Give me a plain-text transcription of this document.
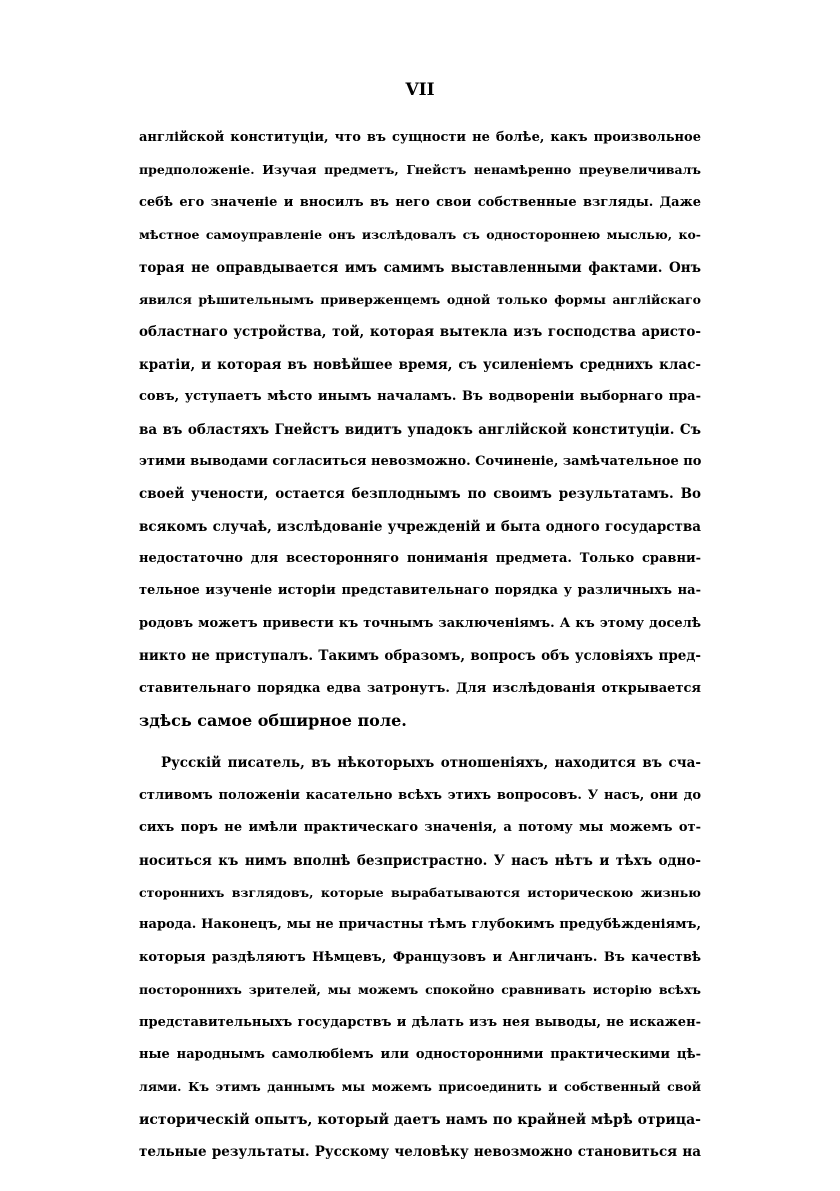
VII
англійской конституціи, что въ сущности не болѣе, какъ произвольное
предположеніе. Изучая предметъ, Гнейстъ ненамѣренно преувеличивалъ
себѣ его значеніе и вносилъ въ него свои собственные взгляды. Даже
мѣстное самоуправленіе онъ изслѣдовалъ съ одностороннею мыслью, ко-
торая не оправдывается имъ самимъ выставленными фактами. Онъ
явился рѣшительнымъ приверженцемъ одной только формы англійскаго
областнаго устройства, той, которая вытекла изъ господства аристо-
кратіи, и которая въ новѣйшее время, съ усиленіемъ среднихъ клас-
совъ, уступаетъ мѣсто инымъ началамъ. Въ водвореніи выборнаго пра-
ва въ областяхъ Гнейстъ видитъ упадокъ англійской конституціи. Съ
этими выводами согласиться невозможно. Сочиненіе, замѣчательное по
своей учености, остается безплоднымъ по своимъ результатамъ. Во
всякомъ случаѣ, изслѣдованіе учрежденій и быта одного государства
недостаточно для всесторонняго пониманія предмета. Только сравни-
тельное изученіе исторіи представительнаго порядка у различныхъ на-
родовъ можетъ привести къ точнымъ заключеніямъ. А къ этому доселѣ
никто не приступалъ. Такимъ образомъ, вопросъ объ условіяхъ пред-
ставительнаго порядка едва затронутъ. Для изслѣдованія открывается
здѣсь самое обширное поле.
Русскій писатель, въ нѣкоторыхъ отношеніяхъ, находится въ сча-
стливомъ положеніи касательно всѣхъ этихъ вопросовъ. У насъ, они до
сихъ поръ не имѣли практическаго значенія, а потому мы можемъ от-
носиться къ нимъ вполнѣ безпристрастно. У насъ нѣтъ и тѣхъ одно-
стороннихъ взглядовъ, которые вырабатываются историческою жизнью
народа. Наконецъ, мы не причастны тѣмъ глубокимъ предубѣжденіямъ,
которыя раздѣляютъ Нѣмцевъ, Французовъ и Англичанъ. Въ качествѣ
постороннихъ зрителей, мы можемъ спокойно сравнивать исторію всѣхъ
представительныхъ государствъ и дѣлать изъ нея выводы, не искажен-
ные народнымъ самолюбіемъ или односторонними практическими цѣ-
лями. Къ этимъ даннымъ мы можемъ присоединить и собственный свой
историческій опытъ, который даетъ намъ по крайней мѣрѣ отрица-
тельные результаты. Русскому человѣку невозможно становиться на
